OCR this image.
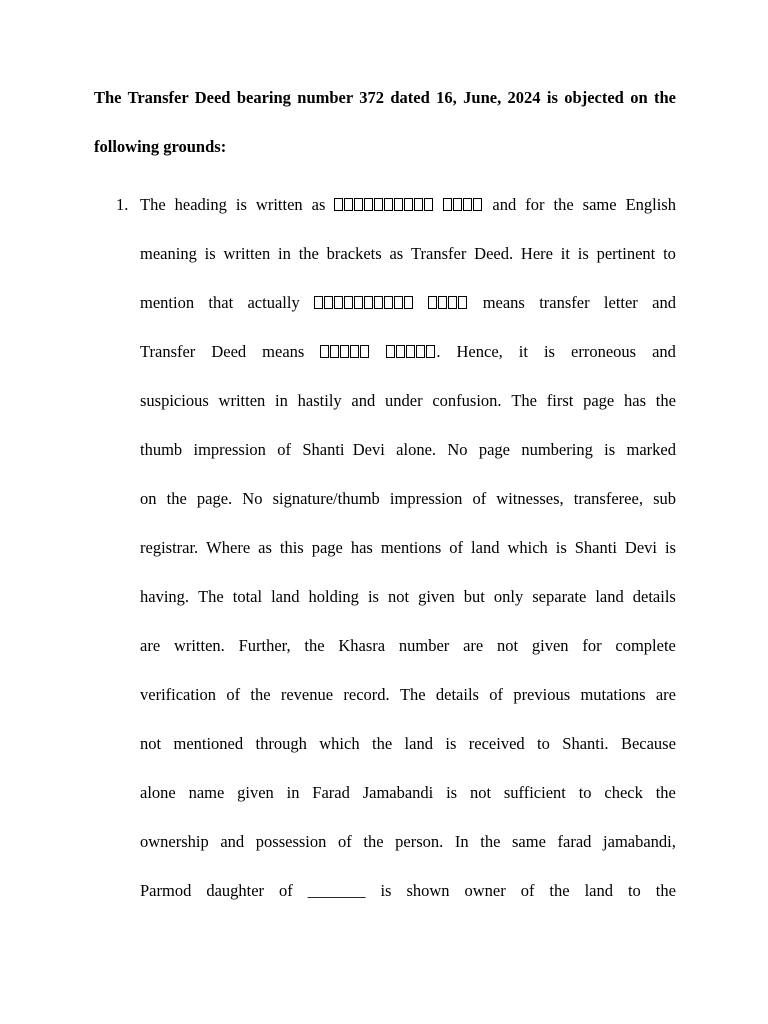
The Transfer Deed bearing number 372 dated 16, June, 2024 is objected on the following grounds:

1. The heading is written as	and for the same English
meaning is written in the brackets as Transfer Deed. Here it is pertinent to
mention that actually	means transfer letter and
Transfer Deed means	. Hence, it is erroneous and
suspicious written in hastily and under confusion. The first page has the
thumb impression of Shanti  Devi alone. No page numbering is marked
on the page. No signature/thumb impression of witnesses, transferee, sub
registrar. Where as this page has mentions of land which is Shanti Devi is
having. The total land holding is not given but only separate land details
are written. Further, the Khasra number are not given for complete
verification of the revenue record. The details of previous mutations are
not mentioned through which the land is received to Shanti. Because
alone name given in Farad Jamabandi is not sufficient to check the
ownership and possession of the person. In the same farad jamabandi,
Parmod daughter of _______ is shown owner of the land to the
